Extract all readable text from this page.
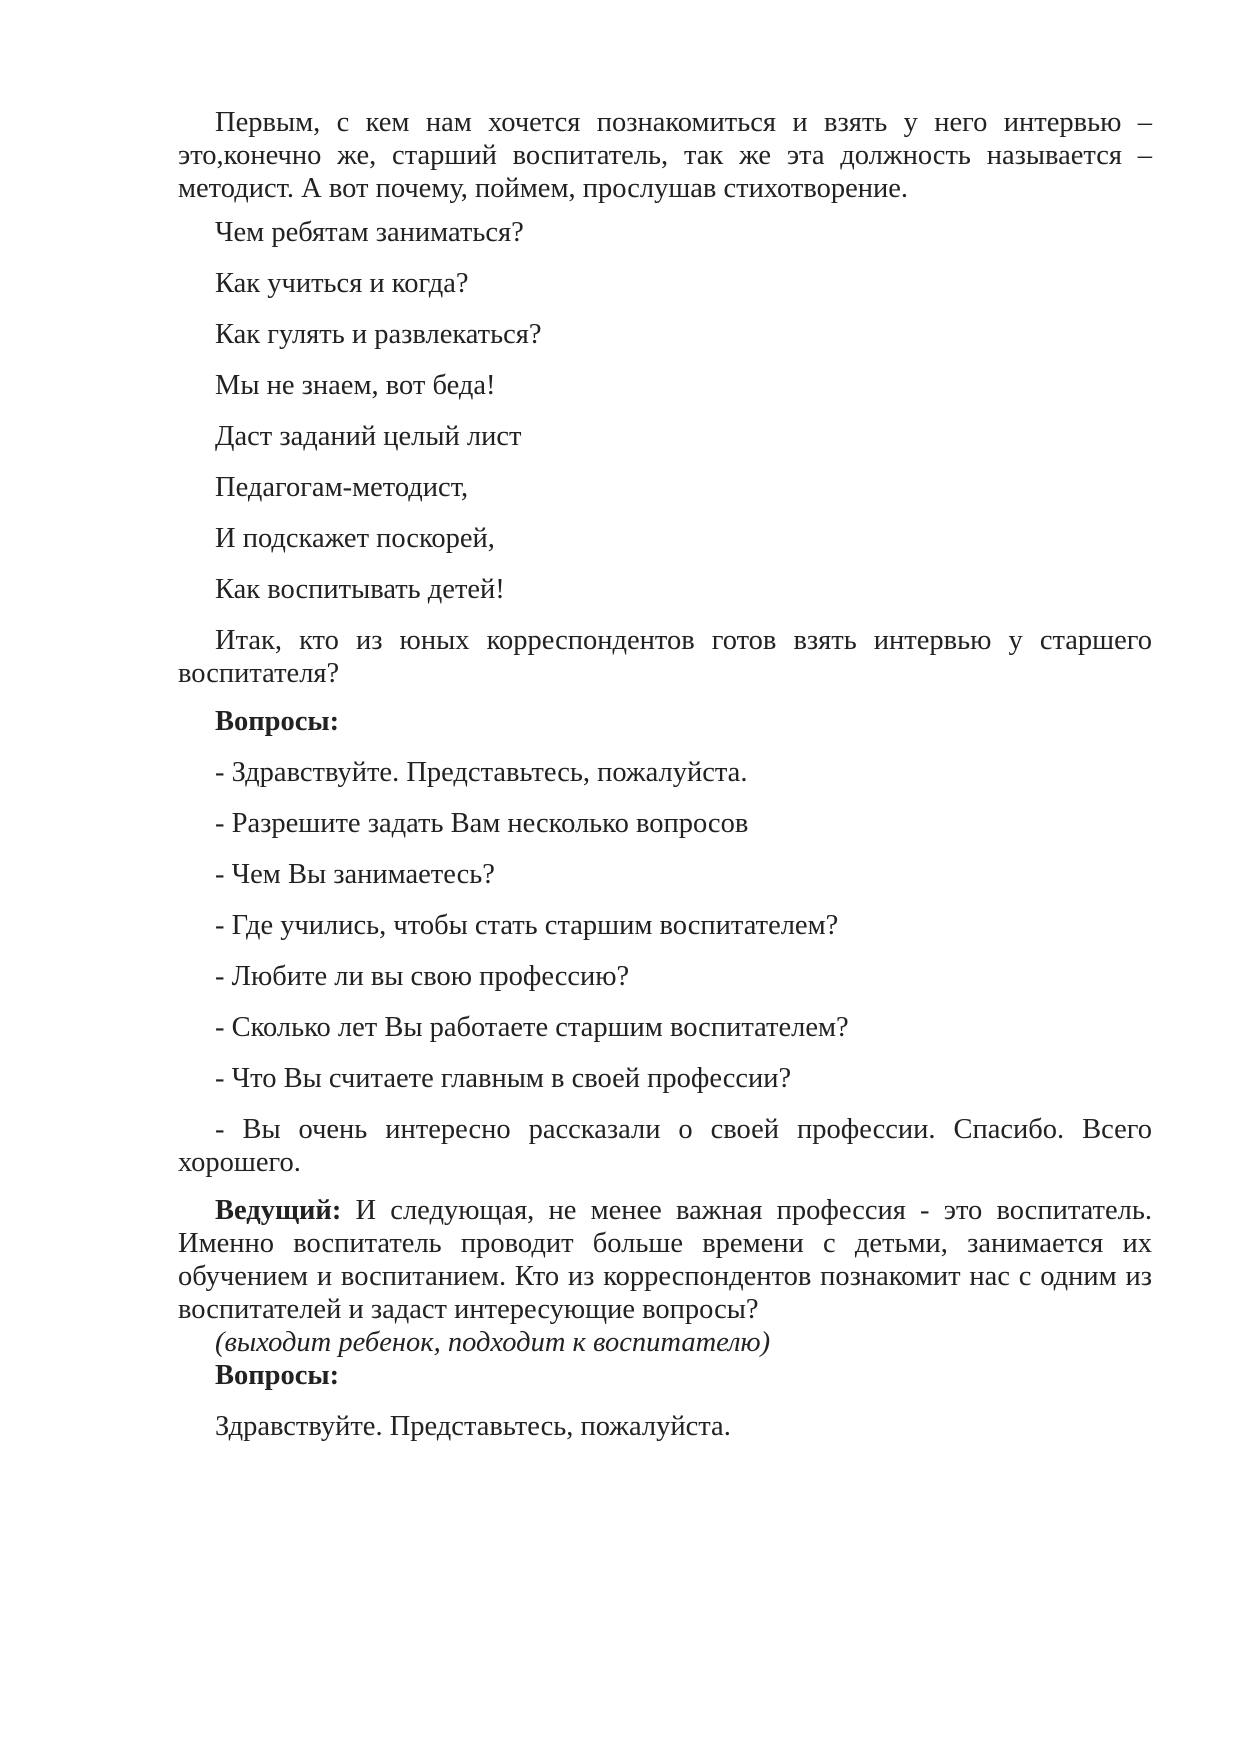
Первым, с кем нам хочется познакомиться и взять у него интервью – это,конечно же, старший воспитатель, так же эта должность называется – методист. А вот почему, поймем, прослушав стихотворение.
Чем ребятам заниматься?
Как учиться и когда?
Как гулять и развлекаться?
Мы не знаем, вот беда!
Даст заданий целый лист
Педагогам-методист,
И подскажет поскорей,
Как воспитывать детей!
Итак, кто из юных корреспондентов готов взять интервью у старшего воспитателя?
Вопросы:
- Здравствуйте. Представьтесь, пожалуйста.
- Разрешите задать Вам несколько вопросов
- Чем Вы занимаетесь?
- Где учились, чтобы стать старшим воспитателем?
- Любите ли вы свою профессию?
- Сколько лет Вы работаете старшим воспитателем?
- Что Вы считаете главным в своей профессии?
- Вы очень интересно рассказали о своей профессии. Спасибо. Всего хорошего.
Ведущий: И следующая, не менее важная профессия - это воспитатель. Именно воспитатель проводит больше времени с детьми, занимается их обучением и воспитанием. Кто из корреспондентов познакомит нас с одним из воспитателей и задаст интересующие вопросы?
(выходит ребенок, подходит к воспитателю)
Вопросы:
Здравствуйте. Представьтесь, пожалуйста.
